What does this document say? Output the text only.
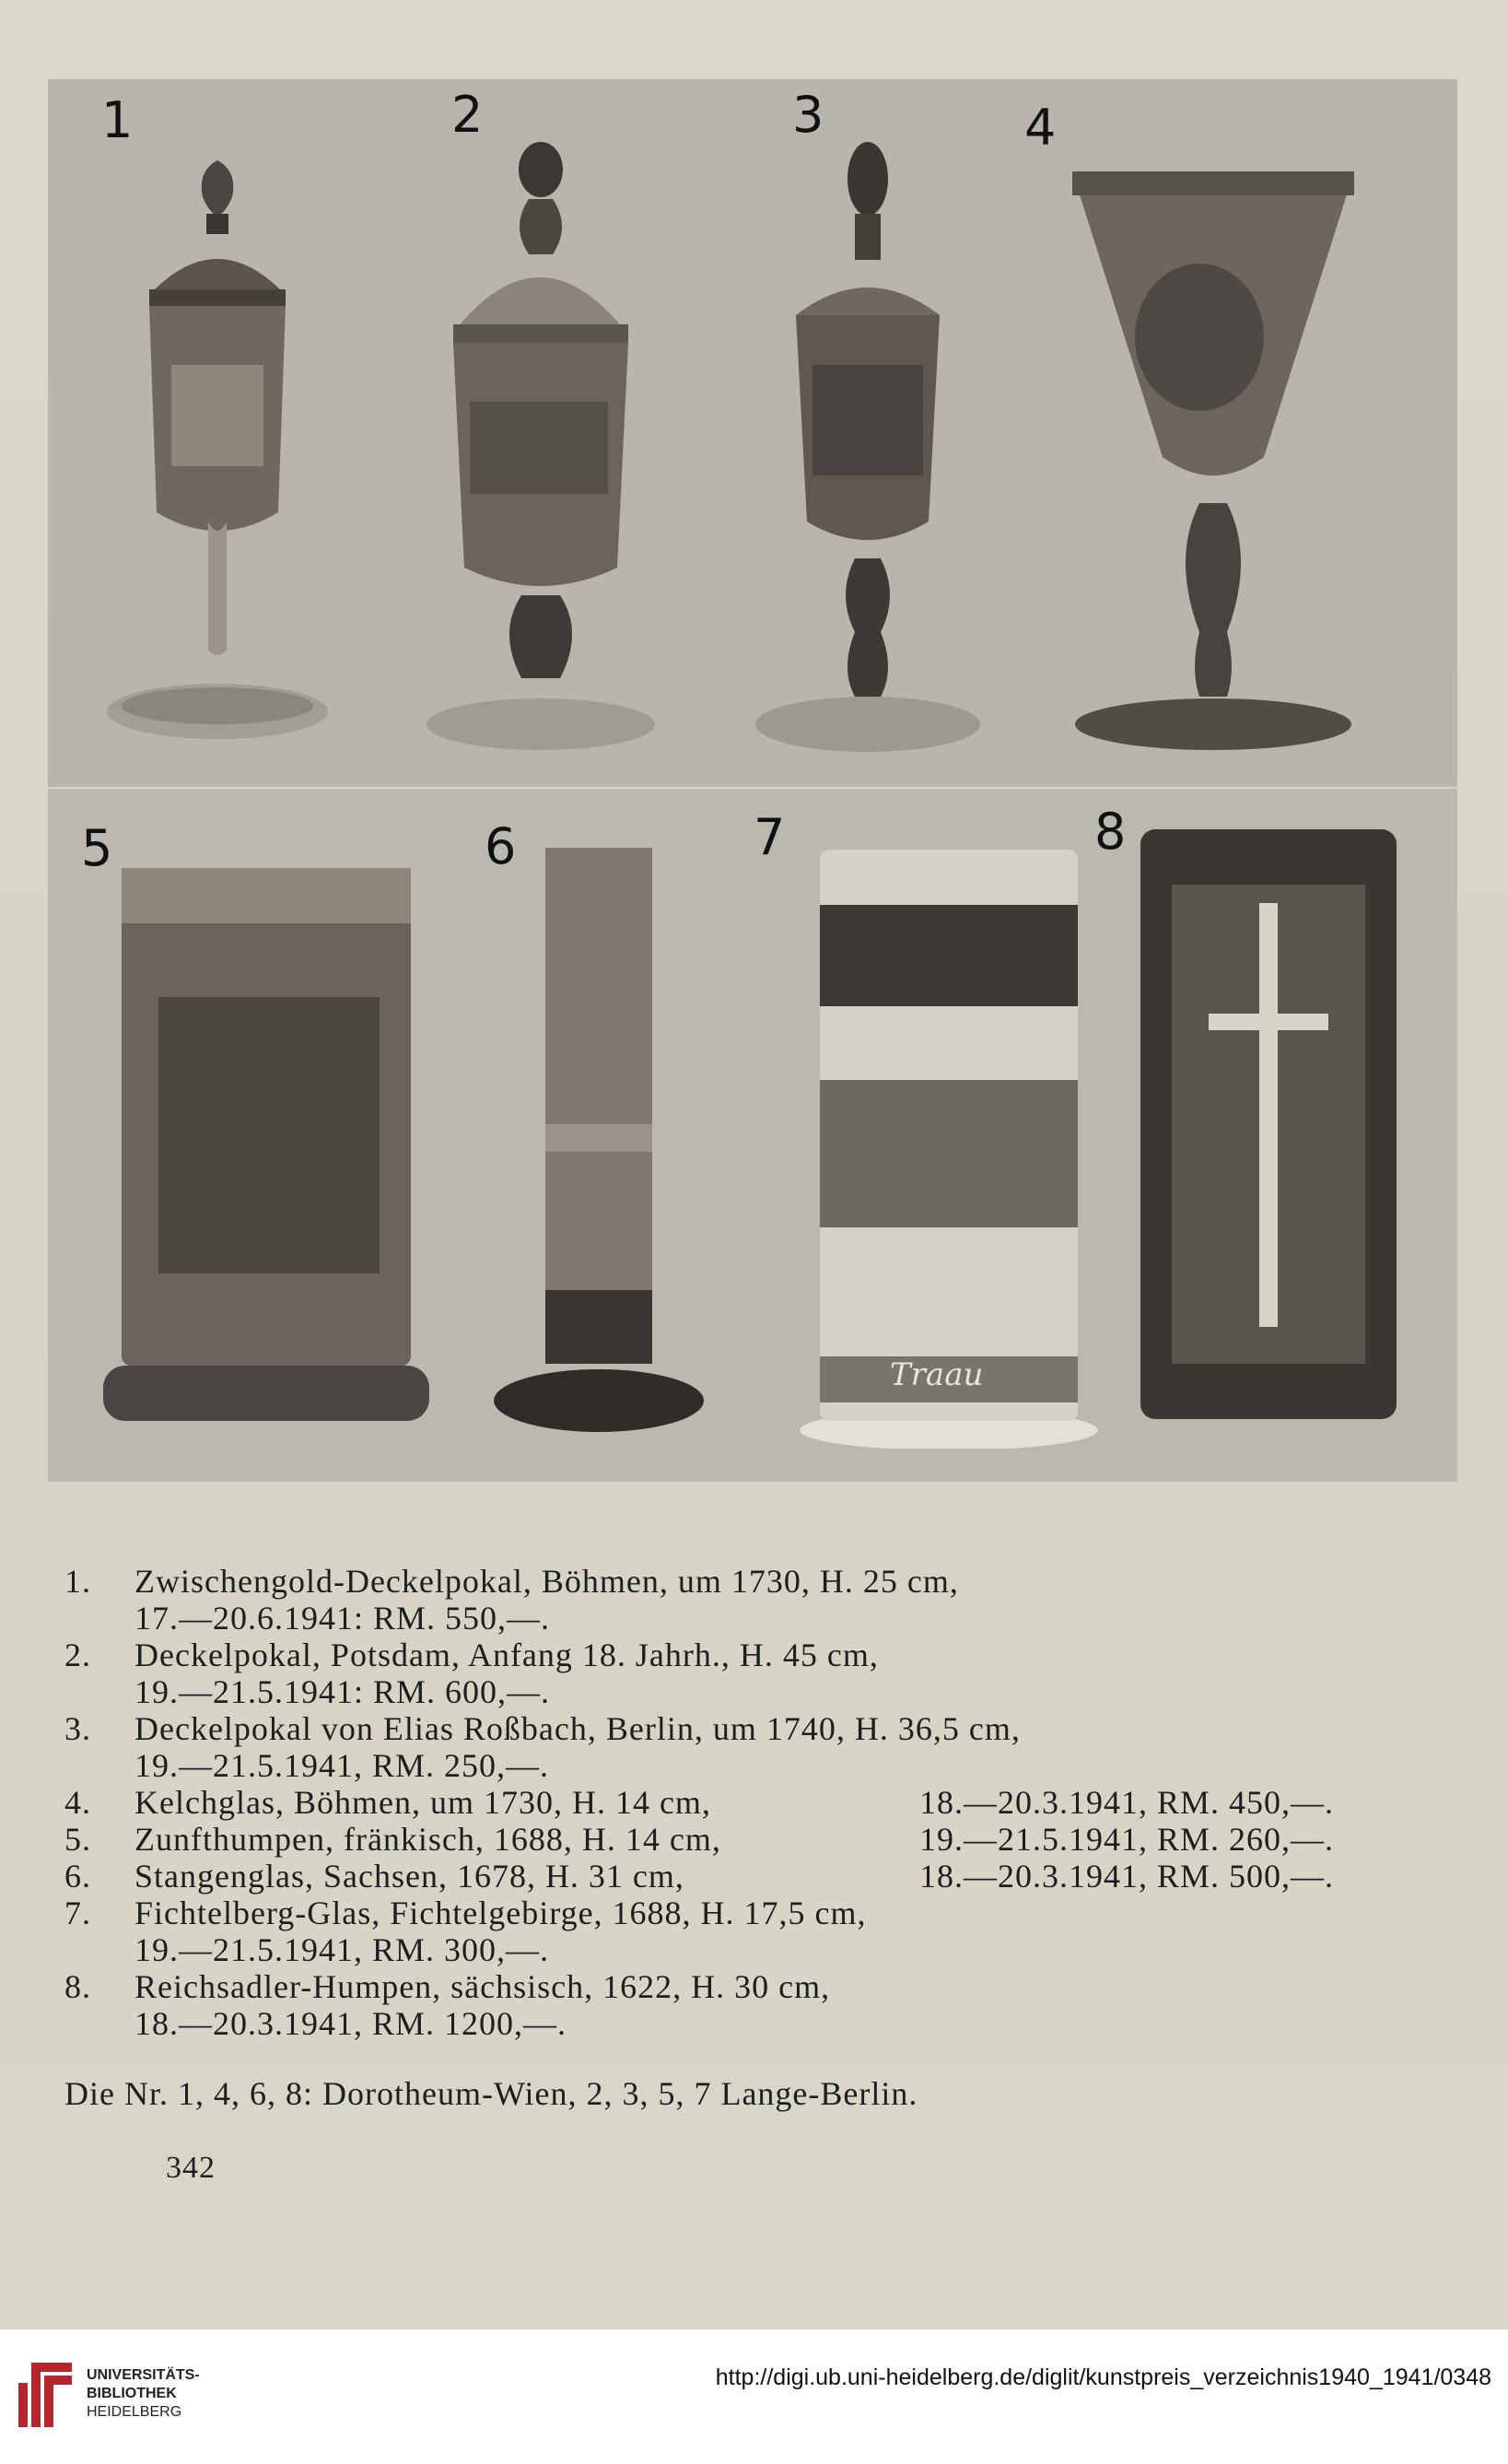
1	2	3	4
5	6	7	8
Traau
1.	Zwischengold-Deckelpokal, Böhmen, um 1730, H. 25 cm,
17.—20.6.1941: RM. 550,—.
2.	Deckelpokal, Potsdam, Anfang 18. Jahrh., H. 45 cm,
19.—21.5.1941: RM. 600,—.
3.	Deckelpokal von Elias Roßbach, Berlin, um 1740, H. 36,5 cm,
19.—21.5.1941, RM. 250,—.
4.	Kelchglas, Böhmen, um 1730, H. 14 cm,	18.—20.3.1941, RM. 450,—.
5.	Zunfthumpen, fränkisch, 1688, H. 14 cm,	19.—21.5.1941, RM. 260,—.
6.	Stangenglas, Sachsen, 1678, H. 31 cm,	18.—20.3.1941, RM. 500,—.
7.	Fichtelberg-Glas, Fichtelgebirge, 1688, H. 17,5 cm,
19.—21.5.1941, RM. 300,—.
8.	Reichsadler-Humpen, sächsisch, 1622, H. 30 cm,
18.—20.3.1941, RM. 1200,—.
Die Nr. 1, 4, 6, 8: Dorotheum-Wien, 2, 3, 5, 7 Lange-Berlin.
342
UNIVERSITÄTS-
BIBLIOTHEK
HEIDELBERG
http://digi.ub.uni-heidelberg.de/diglit/kunstpreis_verzeichnis1940_1941/0348
